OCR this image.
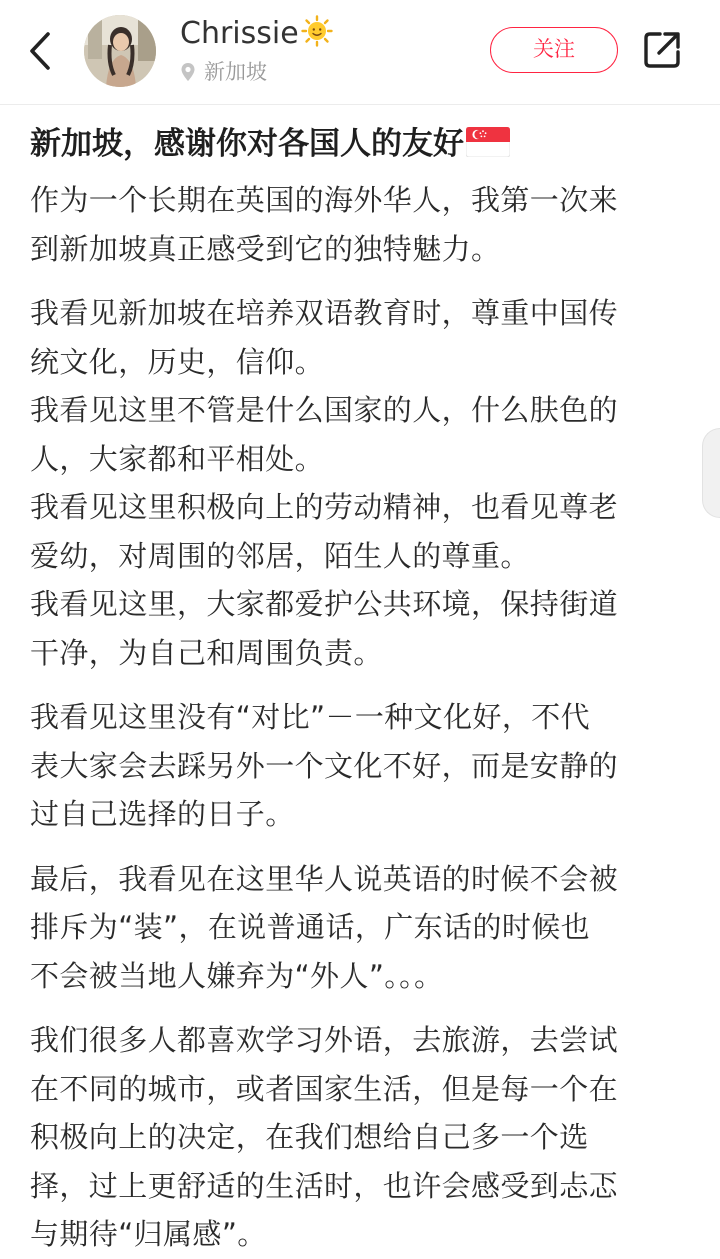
Chrissie
新加坡
关注
新加坡，感谢你对各国人的友好

作为一个长期在英国的海外华人，我第一次来
到新加坡真正感受到它的独特魅力。

我看见新加坡在培养双语教育时，尊重中国传
统文化，历史，信仰。
我看见这里不管是什么国家的人，什么肤色的
人，大家都和平相处。
我看见这里积极向上的劳动精神，也看见尊老
爱幼，对周围的邻居，陌生人的尊重。
我看见这里，大家都爱护公共环境，保持街道
干净，为自己和周围负责。

我看见这里没有“对比”－一种文化好，不代
表大家会去踩另外一个文化不好，而是安静的
过自己选择的日子。

最后，我看见在这里华人说英语的时候不会被
排斥为“装”，在说普通话，广东话的时候也
不会被当地人嫌弃为“外人”。。。

我们很多人都喜欢学习外语，去旅游，去尝试
在不同的城市，或者国家生活，但是每一个在
积极向上的决定，在我们想给自己多一个选
择，过上更舒适的生活时，也许会感受到忐忑
与期待“归属感”。
